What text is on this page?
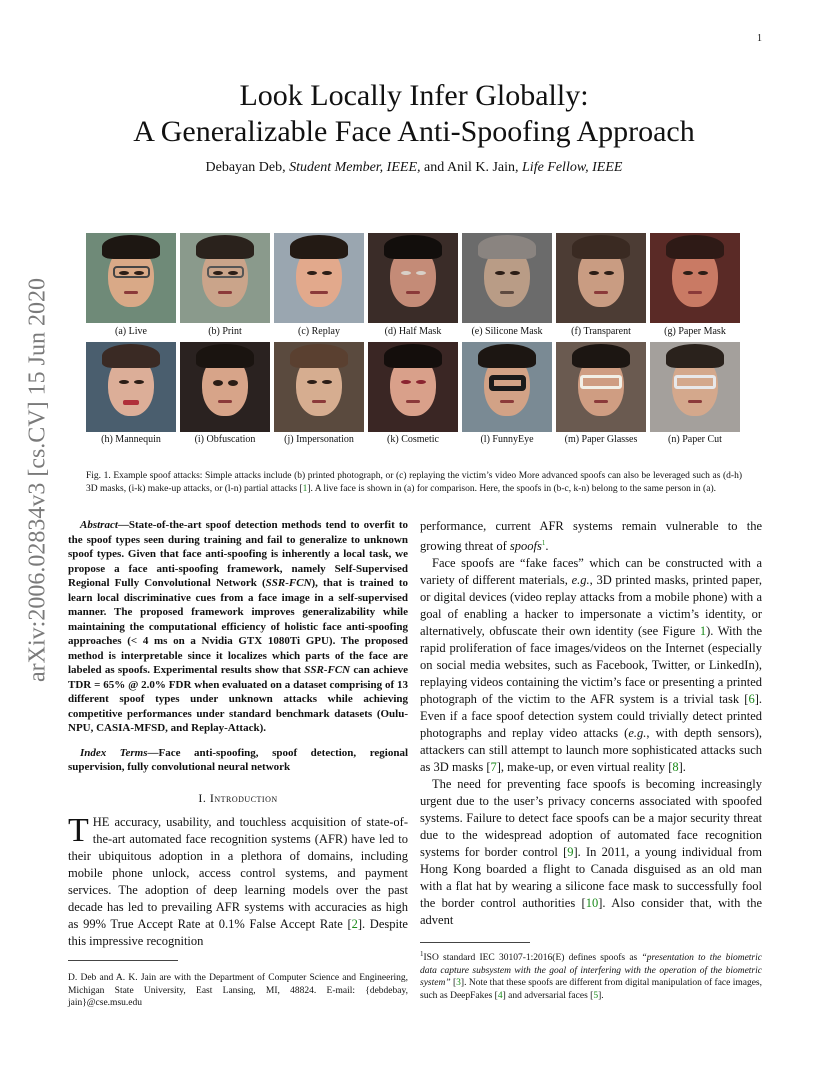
1
arXiv:2006.02834v3 [cs.CV] 15 Jun 2020
Look Locally Infer Globally:
A Generalizable Face Anti-Spoofing Approach
Debayan Deb, Student Member, IEEE, and Anil K. Jain, Life Fellow, IEEE
(a) Live	(b) Print	(c) Replay	(d) Half Mask	(e) Silicone Mask	(f) Transparent	(g) Paper Mask
(h) Mannequin	(i) Obfuscation	(j) Impersonation	(k) Cosmetic	(l) FunnyEye	(m) Paper Glasses	(n) Paper Cut
Fig. 1. Example spoof attacks: Simple attacks include (b) printed photograph, or (c) replaying the victim’s video More advanced spoofs can also be leveraged such as (d-h) 3D masks, (i-k) make-up attacks, or (l-n) partial attacks [1]. A live face is shown in (a) for comparison. Here, the spoofs in (b-c, k-n) belong to the same person in (a).

Abstract—State-of-the-art spoof detection methods tend to overfit to the spoof types seen during training and fail to generalize to unknown spoof types. Given that face anti-spoofing is inherently a local task, we propose a face anti-spoofing framework, namely Self-Supervised Regional Fully Convolutional Network (SSR-FCN), that is trained to learn local discriminative cues from a face image in a self-supervised manner. The proposed framework improves generalizability while maintaining the computational efficiency of holistic face anti-spoofing approaches (< 4 ms on a Nvidia GTX 1080Ti GPU). The proposed method is interpretable since it localizes which parts of the face are labeled as spoofs. Experimental results show that SSR-FCN can achieve TDR = 65% @ 2.0% FDR when evaluated on a dataset comprising of 13 different spoof types under unknown attacks while achieving competitive performances under standard benchmark datasets (Oulu-NPU, CASIA-MFSD, and Replay-Attack).

Index Terms—Face anti-spoofing, spoof detection, regional supervision, fully convolutional neural network

I. Introduction

THE accuracy, usability, and touchless acquisition of state-of-the-art automated face recognition systems (AFR) have led to their ubiquitous adoption in a plethora of domains, including mobile phone unlock, access control systems, and payment services. The adoption of deep learning models over the past decade has led to prevailing AFR systems with accuracies as high as 99% True Accept Rate at 0.1% False Accept Rate [2]. Despite this impressive recognition

D. Deb and A. K. Jain are with the Department of Computer Science and Engineering, Michigan State University, East Lansing, MI, 48824. E-mail: {debdebay, jain}@cse.msu.edu

performance, current AFR systems remain vulnerable to the growing threat of spoofs$^1$.

Face spoofs are “fake faces” which can be constructed with a variety of different materials, e.g., 3D printed masks, printed paper, or digital devices (video replay attacks from a mobile phone) with a goal of enabling a hacker to impersonate a victim’s identity, or alternatively, obfuscate their own identity (see Figure 1). With the rapid proliferation of face images/videos on the Internet (especially on social media websites, such as Facebook, Twitter, or LinkedIn), replaying videos containing the victim’s face or presenting a printed photograph of the victim to the AFR system is a trivial task [6]. Even if a face spoof detection system could trivially detect printed photographs and replay video attacks (e.g., with depth sensors), attackers can still attempt to launch more sophisticated attacks such as 3D masks [7], make-up, or even virtual reality [8].

The need for preventing face spoofs is becoming increasingly urgent due to the user’s privacy concerns associated with spoofed systems. Failure to detect face spoofs can be a major security threat due to the widespread adoption of automated face recognition systems for border control [9]. In 2011, a young individual from Hong Kong boarded a flight to Canada disguised as an old man with a flat hat by wearing a silicone face mask to successfully fool the border control authorities [10]. Also consider that, with the advent

$^1$ISO standard IEC 30107-1:2016(E) defines spoofs as “presentation to the biometric data capture subsystem with the goal of interfering with the operation of the biometric system” [3]. Note that these spoofs are different from digital manipulation of face images, such as DeepFakes [4] and adversarial faces [5].
